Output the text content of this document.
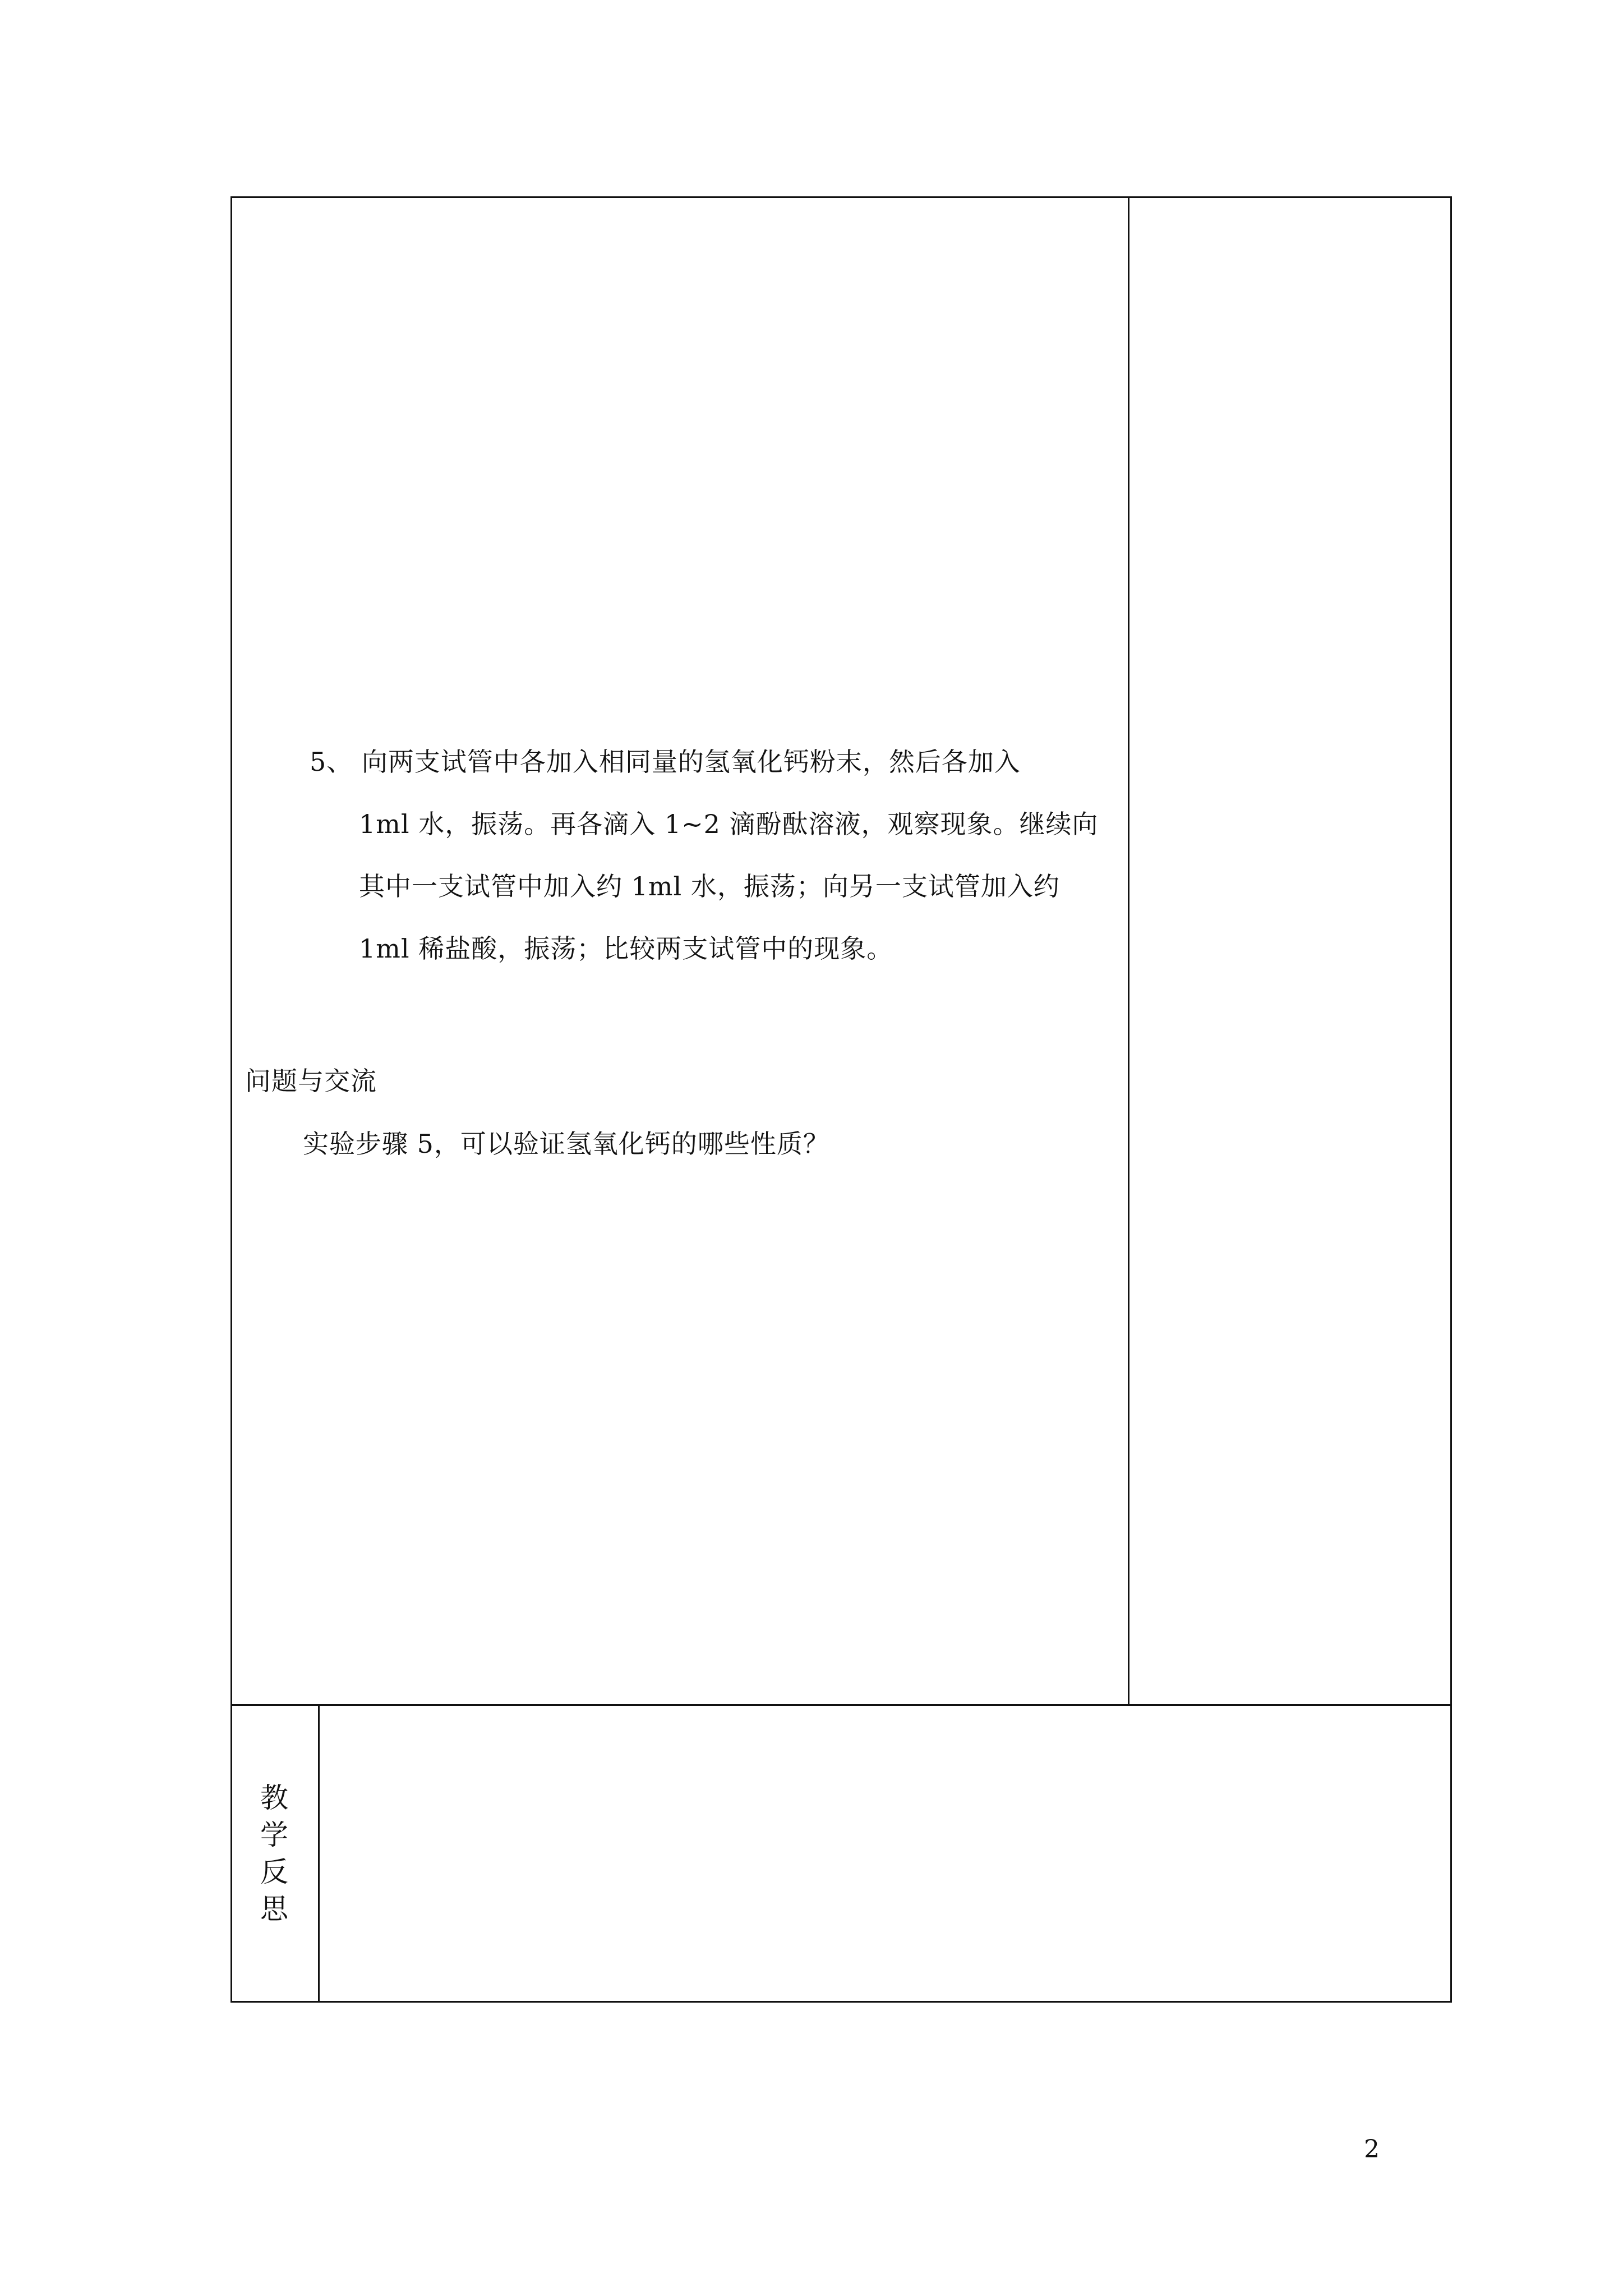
5、 向两支试管中各加入相同量的氢氧化钙粉末，然后各加入
1ml 水，振荡。再各滴入 1~2 滴酚酞溶液，观察现象。继续向
其中一支试管中加入约 1ml 水，振荡；向另一支试管加入约
1ml 稀盐酸，振荡；比较两支试管中的现象。
问题与交流
实验步骤 5，可以验证氢氧化钙的哪些性质？
教
学
反
思
2
